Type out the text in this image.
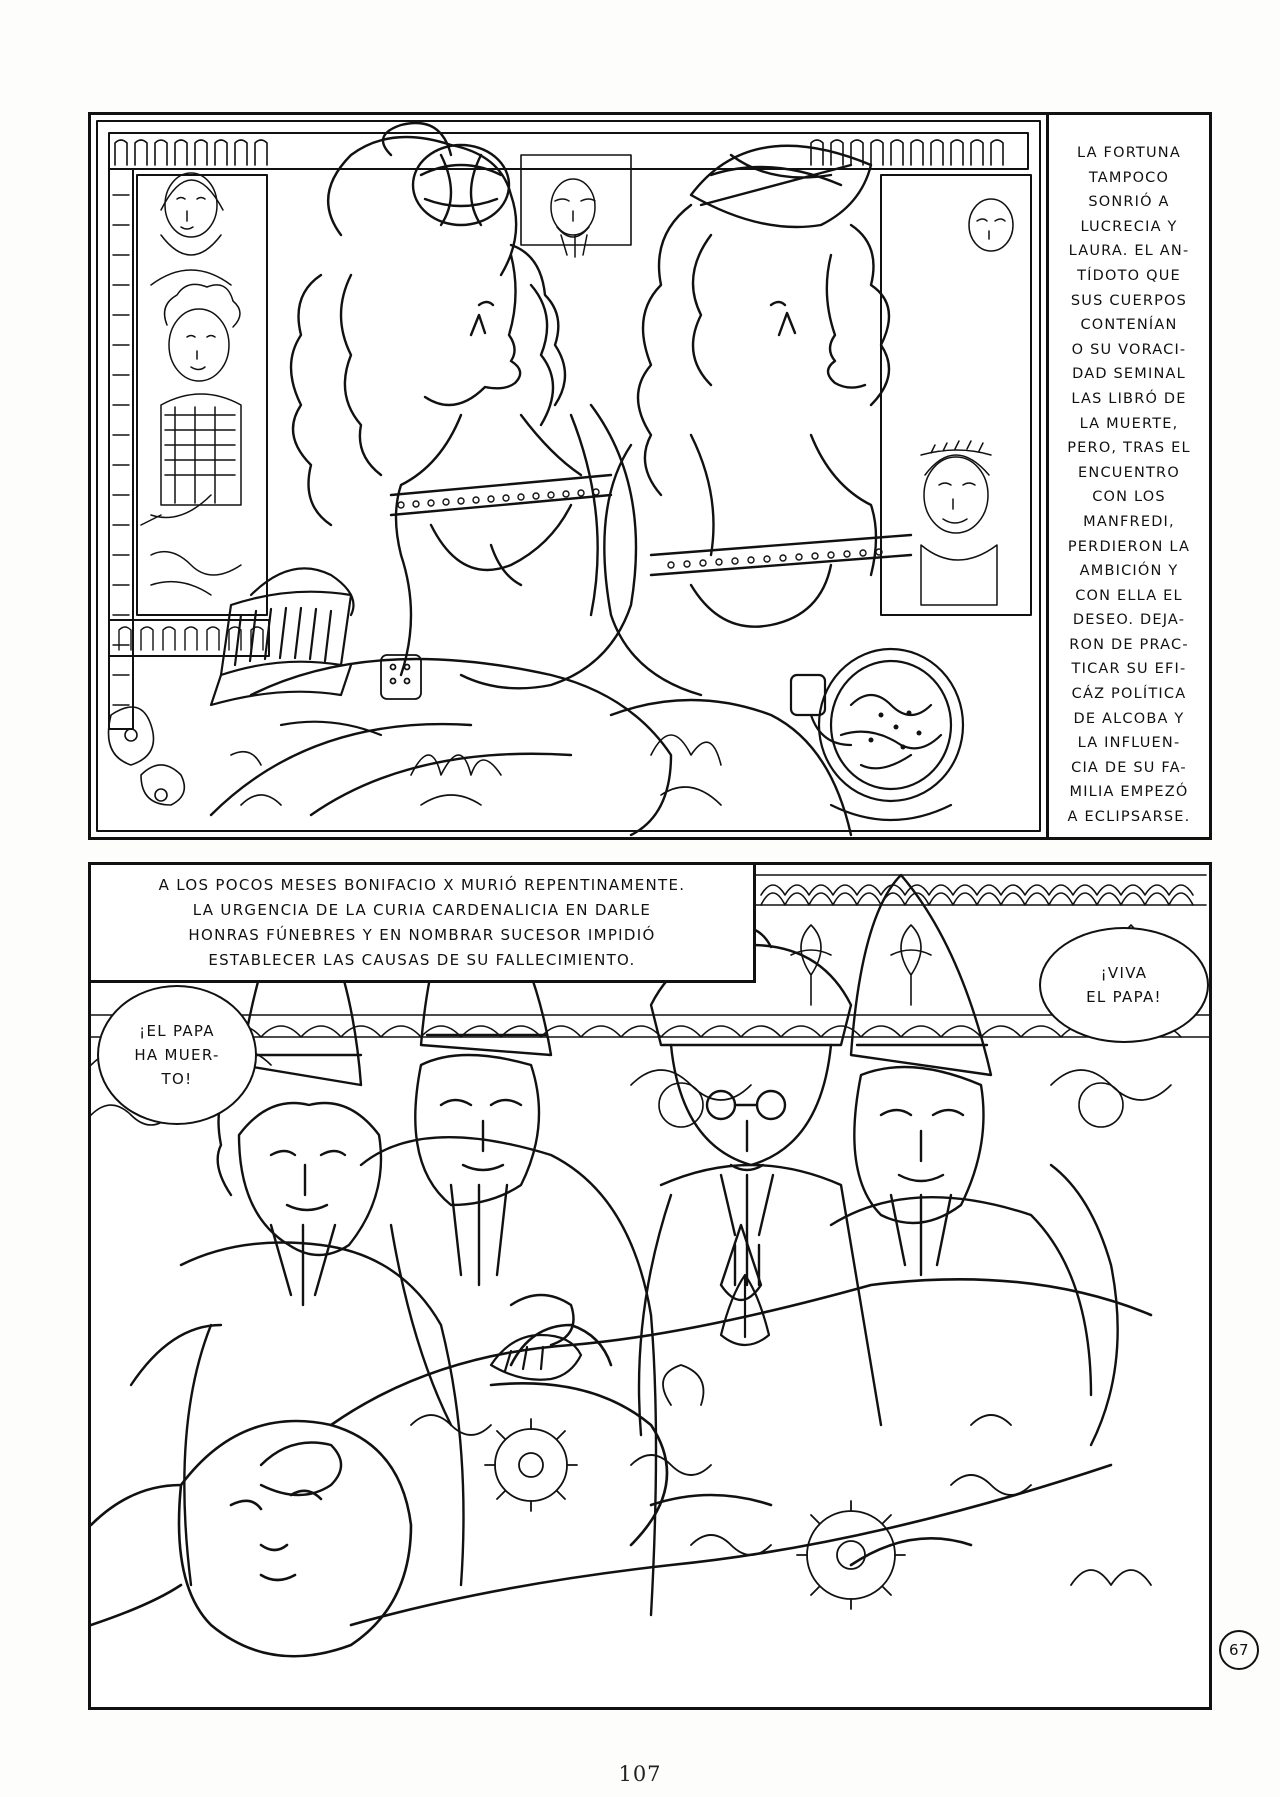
LA FORTUNA
TAMPOCO
SONRIÓ A
LUCRECIA Y
LAURA. EL AN-
TÍDOTO QUE
SUS CUERPOS
CONTENÍAN
O SU VORACI-
DAD SEMINAL
LAS LIBRÓ DE
LA MUERTE,
PERO, TRAS EL
ENCUENTRO
CON LOS
MANFREDI,
PERDIERON LA
AMBICIÓN Y
CON ELLA EL
DESEO. DEJA-
RON DE PRAC-
TICAR SU EFI-
CÁZ POLÍTICA
DE ALCOBA Y
LA INFLUEN-
CIA DE SU FA-
MILIA EMPEZÓ
A ECLIPSARSE.
A LOS POCOS MESES BONIFACIO X MURIÓ REPENTINAMENTE.
LA URGENCIA DE LA CURIA CARDENALICIA EN DARLE
HONRAS FÚNEBRES Y EN NOMBRAR SUCESOR IMPIDIÓ
ESTABLECER LAS CAUSAS DE SU FALLECIMIENTO.
¡EL PAPA
HA MUER-
TO!
¡VIVA
EL PAPA!
67
107
